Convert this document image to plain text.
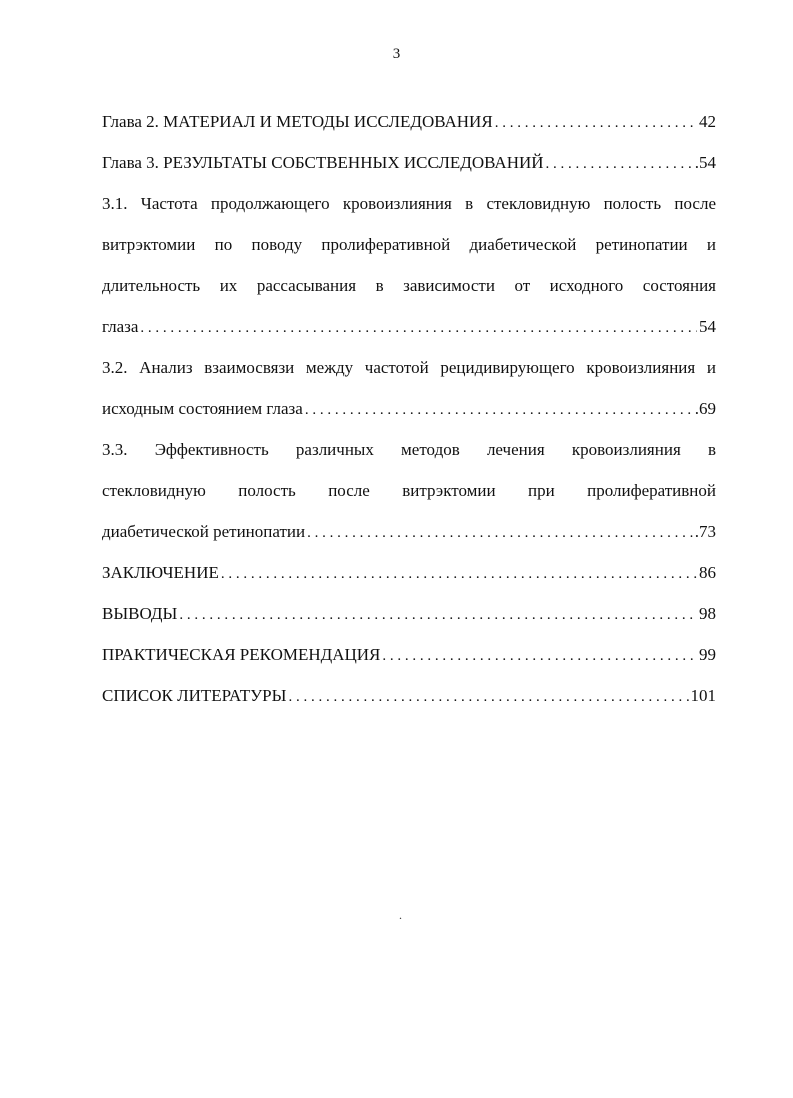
3
Глава 2. МАТЕРИАЛ И МЕТОДЫ ИССЛЕДОВАНИЯ . . .	42
Глава 3. РЕЗУЛЬТАТЫ СОБСТВЕННЫХ ИССЛЕДОВАНИЙ . . .	.54
3.1. Частота продолжающего кровоизлияния в стекловидную полость после
витрэктомии по поводу пролиферативной диабетической ретинопатии и
длительность их рассасывания в зависимости от исходного состояния
глаза . . .	54
3.2. Анализ взаимосвязи между частотой рецидивирующего кровоизлияния и
исходным состоянием глаза . . .	.69
3.3. Эффективность различных методов лечения кровоизлияния в
стекловидную полость после витрэктомии при пролиферативной
диабетической ретинопатии . . .	.73
ЗАКЛЮЧЕНИЕ . . .	86
ВЫВОДЫ . . .	98
ПРАКТИЧЕСКАЯ РЕКОМЕНДАЦИЯ . . .	99
СПИСОК ЛИТЕРАТУРЫ . . .	101
.
